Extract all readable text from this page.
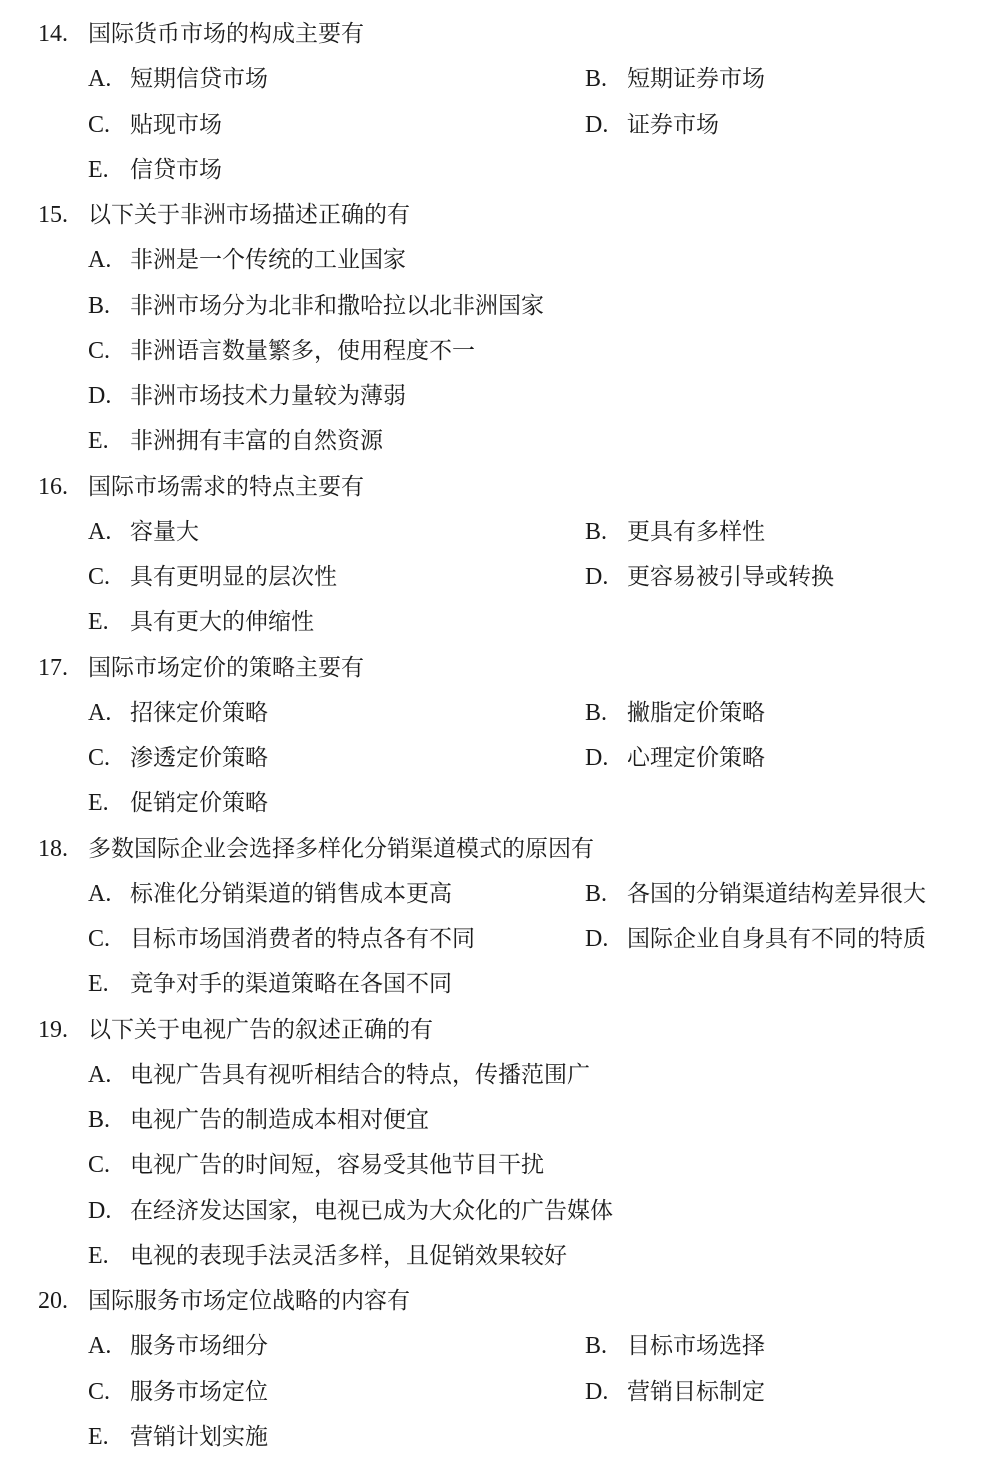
14. 国际货币市场的构成主要有
A. 短期信贷市场	B. 短期证券市场
C. 贴现市场	D. 证券市场
E. 信贷市场
15. 以下关于非洲市场描述正确的有
A. 非洲是一个传统的工业国家
B. 非洲市场分为北非和撒哈拉以北非洲国家
C. 非洲语言数量繁多，使用程度不一
D. 非洲市场技术力量较为薄弱
E. 非洲拥有丰富的自然资源
16. 国际市场需求的特点主要有
A. 容量大	B. 更具有多样性
C. 具有更明显的层次性	D. 更容易被引导或转换
E. 具有更大的伸缩性
17. 国际市场定价的策略主要有
A. 招徕定价策略	B. 撇脂定价策略
C. 渗透定价策略	D. 心理定价策略
E. 促销定价策略
18. 多数国际企业会选择多样化分销渠道模式的原因有
A. 标准化分销渠道的销售成本更高	B. 各国的分销渠道结构差异很大
C. 目标市场国消费者的特点各有不同	D. 国际企业自身具有不同的特质
E. 竞争对手的渠道策略在各国不同
19. 以下关于电视广告的叙述正确的有
A. 电视广告具有视听相结合的特点，传播范围广
B. 电视广告的制造成本相对便宜
C. 电视广告的时间短，容易受其他节目干扰
D. 在经济发达国家，电视已成为大众化的广告媒体
E. 电视的表现手法灵活多样，且促销效果较好
20. 国际服务市场定位战略的内容有
A. 服务市场细分	B. 目标市场选择
C. 服务市场定位	D. 营销目标制定
E. 营销计划实施
